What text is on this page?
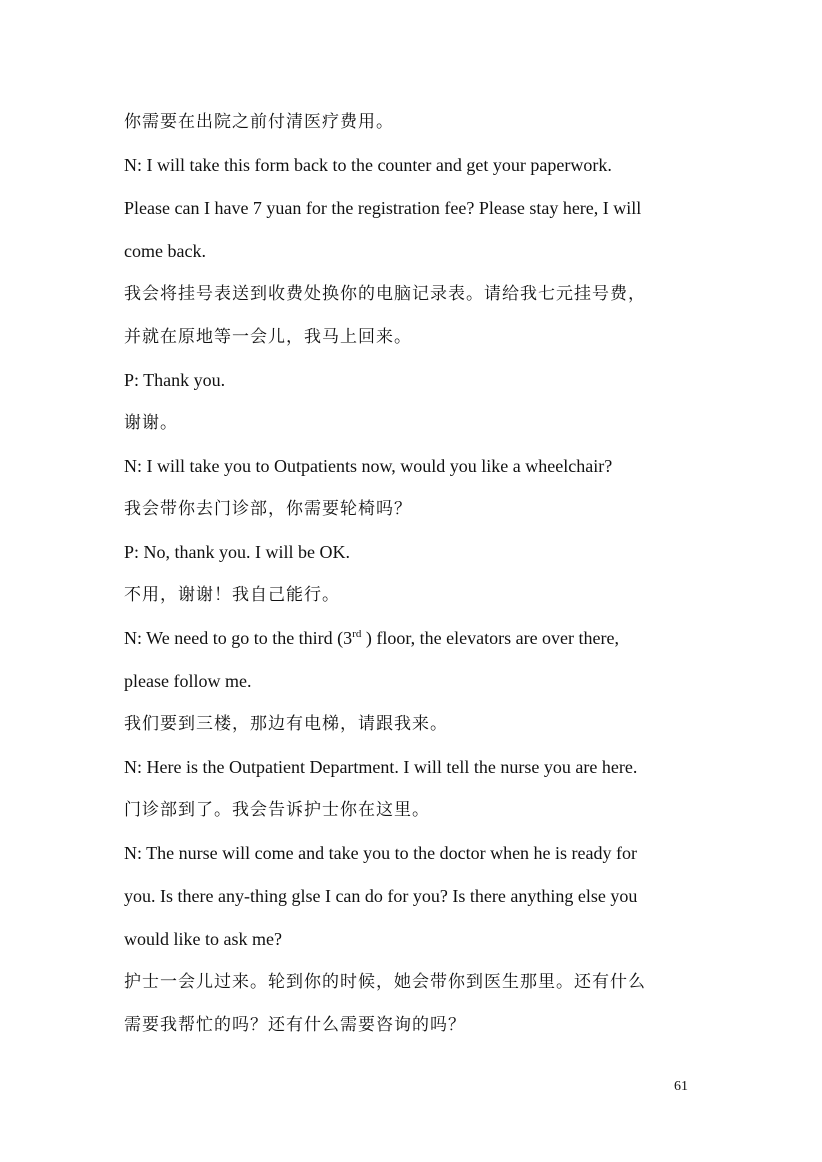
你需要在出院之前付清医疗费用。

N: I will take this form back to the counter and get your paperwork.

Please can I have 7 yuan for the registration fee? Please stay here, I will

come back.

我会将挂号表送到收费处换你的电脑记录表。请给我七元挂号费，

并就在原地等一会儿，我马上回来。

P: Thank you.

谢谢。

N: I will take you to Outpatients now, would you like a wheelchair?

我会带你去门诊部，你需要轮椅吗？

P: No, thank you. I will be OK.

不用，谢谢！我自己能行。

N: We need to go to the third (3rd ) floor, the elevators are over there,

please follow me.

我们要到三楼，那边有电梯，请跟我来。

N: Here is the Outpatient Department. I will tell the nurse you are here.

门诊部到了。我会告诉护士你在这里。

N: The nurse will come and take you to the doctor when he is ready for

you. Is there any-thing glse I can do for you? Is there anything else you

would like to ask me?

护士一会儿过来。轮到你的时候，她会带你到医生那里。还有什么

需要我帮忙的吗？还有什么需要咨询的吗？

61
